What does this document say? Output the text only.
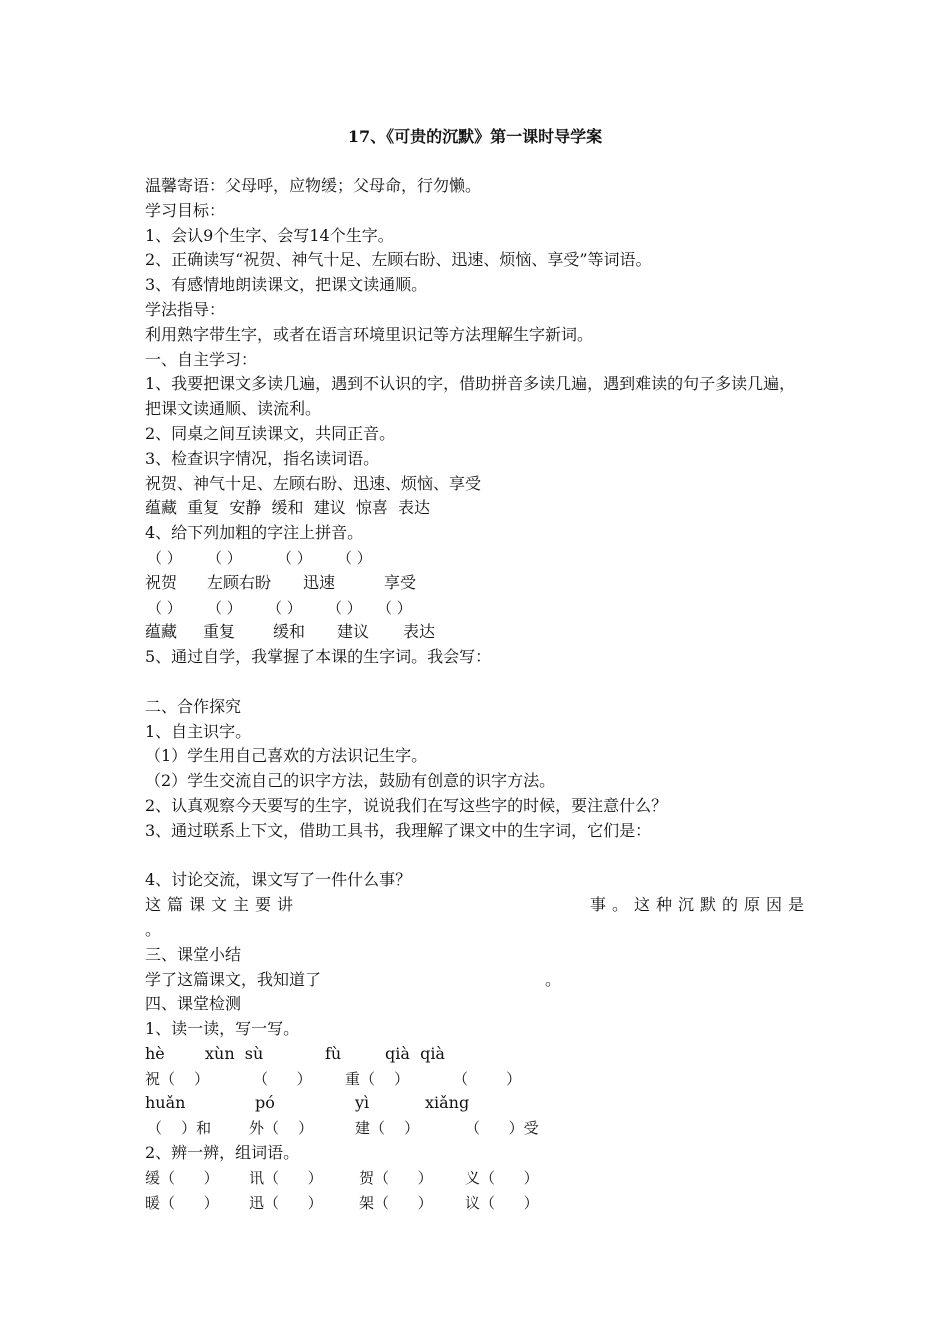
17、《可贵的沉默》第一课时导学案
温馨寄语：父母呼，应物缓；父母命，行勿懒。
学习目标：
1、会认9个生字、会写14个生字。
2、正确读写“祝贺、神气十足、左顾右盼、迅速、烦恼、享受”等词语。
3、有感情地朗读课文，把课文读通顺。
学法指导：
利用熟字带生字，或者在语言环境里识记等方法理解生字新词。
一、自主学习：
1、我要把课文多读几遍，遇到不认识的字，借助拼音多读几遍，遇到难读的句子多读几遍，把课文读通顺、读流利。
2、同桌之间互读课文，共同正音。
3、检查识字情况，指名读词语。
祝贺、神气十足、左顾右盼、迅速、烦恼、享受
蕴藏  重复  安静  缓和  建议  惊喜  表达
4、给下列加粗的字注上拼音。
（ ） （ ） （ ） （ ）
祝贺 左顾右盼 迅速	享受
（ ） （ ） （ ） （ ） （ ）
蕴藏 重复 缓和 建议 表达
5、通过自学，我掌握了本课的生字词。我会写：
二、合作探究
1、自主识字。
（1）学生用自己喜欢的方法识记生字。
（2）学生交流自己的识字方法，鼓励有创意的识字方法。
2、认真观察今天要写的生字，说说我们在写这些字的时候，要注意什么？
3、通过联系上下文，借助工具书，我理解了课文中的生字词，它们是：
4、讨论交流，课文写了一件什么事？
这篇课文主要讲	事。这种沉默的原因是
。
三、课堂小结
学了这篇课文，我知道了	。
四、课堂检测
1、读一读，写一写。
hè	xùn  sù	fù	qià  qià
祝（    ）	（      ） 重（    ）	（        ）
huǎn	pó	yì	xiǎng
（    ）和	外（    ）	建（    ）	（      ）受
2、辨一辨，组词语。
缓（      ） 讯（      ） 贺（      ） 义（      ）
暖（      ） 迅（      ） 架（      ） 议（      ）
